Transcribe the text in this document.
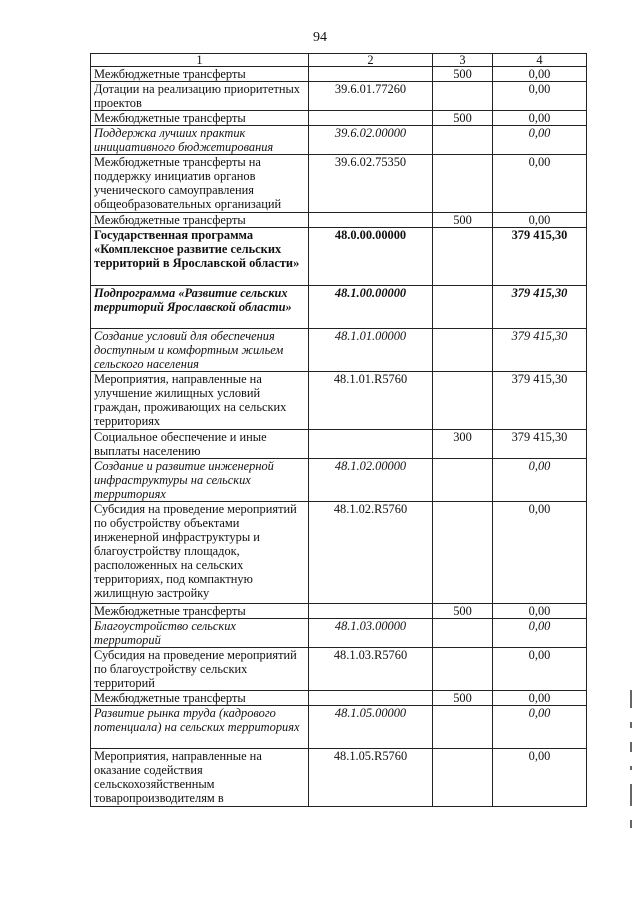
94
1	2	3	4
Межбюджетные трансферты		500	0,00
Дотации на реализацию приоритетных проектов	39.6.01.77260		0,00
Межбюджетные трансферты		500	0,00
Поддержка лучших практик инициативного бюджетирования	39.6.02.00000		0,00
Межбюджетные трансферты на поддержку инициатив органов ученического самоуправления общеобразовательных организаций	39.6.02.75350		0,00
Межбюджетные трансферты		500	0,00
Государственная программа «Комплексное развитие сельских территорий в Ярославской области»	48.0.00.00000		379 415,30
Подпрограмма «Развитие сельских территорий Ярославской области»	48.1.00.00000		379 415,30
Создание условий для обеспечения доступным и комфортным жильем сельского населения	48.1.01.00000		379 415,30
Мероприятия, направленные на улучшение жилищных условий граждан, проживающих на сельских территориях	48.1.01.R5760		379 415,30
Социальное обеспечение и иные выплаты населению		300	379 415,30
Создание и развитие инженерной инфраструктуры на сельских территориях	48.1.02.00000		0,00
Субсидия на проведение мероприятий по обустройству объектами инженерной инфраструктуры и благоустройству площадок, расположенных на сельских территориях, под компактную жилищную застройку	48.1.02.R5760		0,00
Межбюджетные трансферты		500	0,00
Благоустройство сельских территорий	48.1.03.00000		0,00
Субсидия на проведение мероприятий по благоустройству сельских территорий	48.1.03.R5760		0,00
Межбюджетные трансферты		500	0,00
Развитие рынка труда (кадрового потенциала) на сельских территориях	48.1.05.00000		0,00
Мероприятия, направленные на оказание содействия сельскохозяйственным товаропроизводителям в	48.1.05.R5760		0,00
